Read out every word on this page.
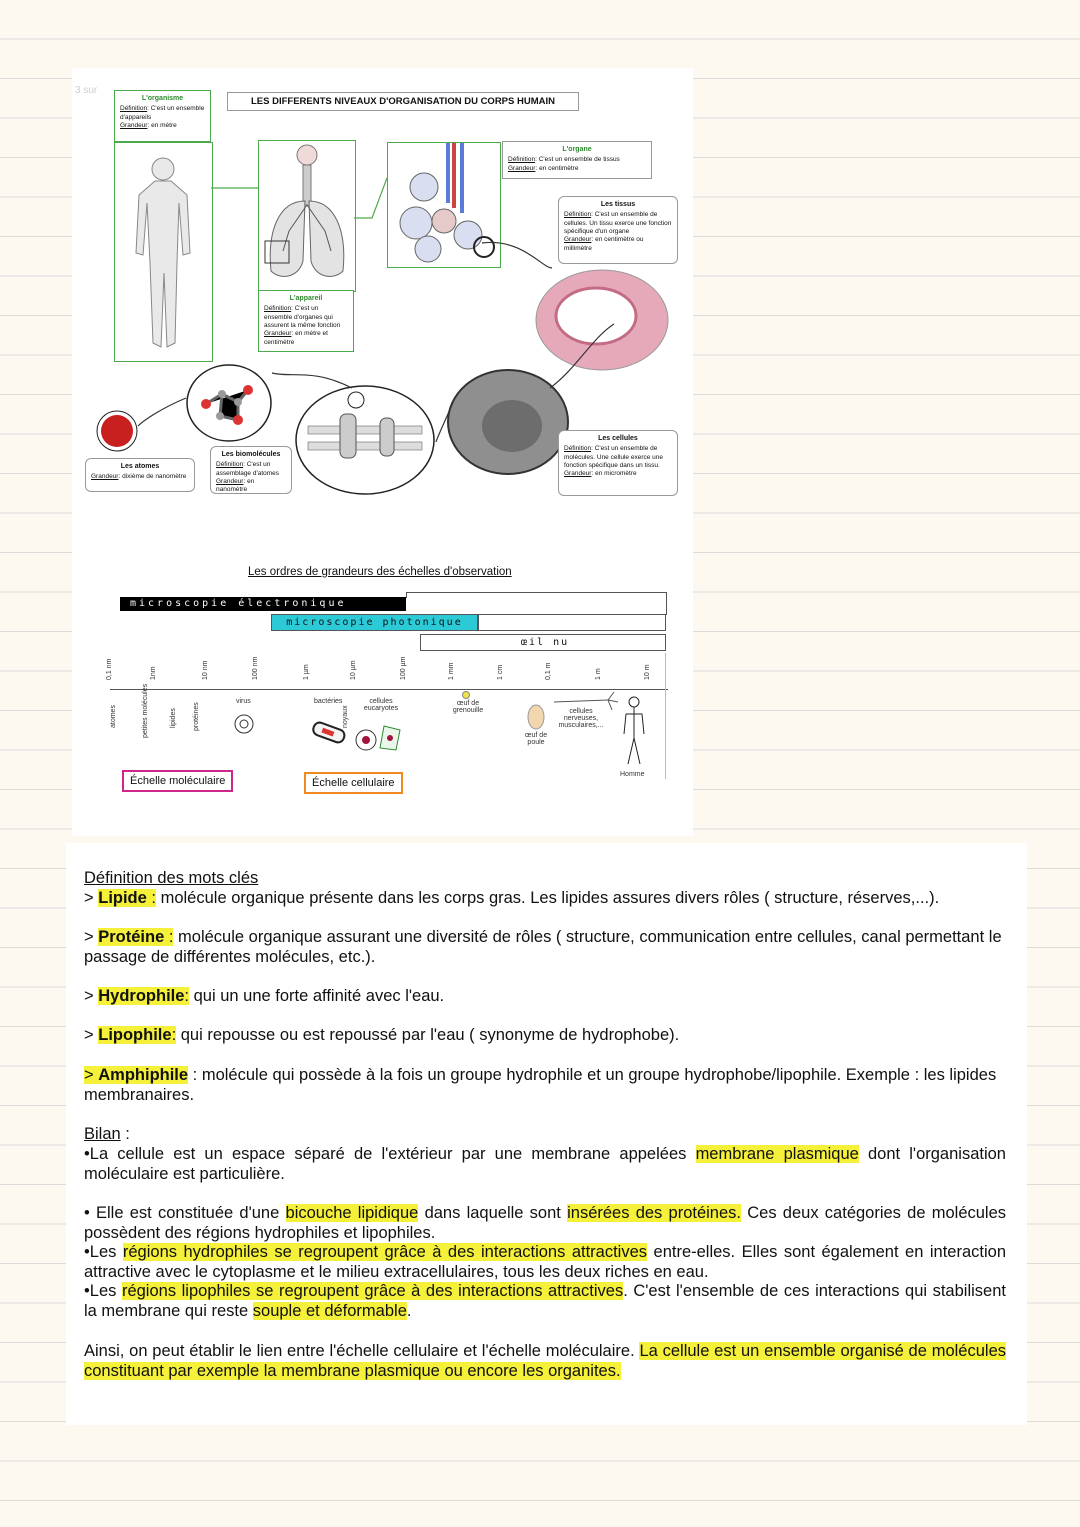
3 sur
LES DIFFERENTS NIVEAUX D'ORGANISATION DU CORPS HUMAIN
L'organisme
Définition: C'est un ensemble d'appareils
Grandeur: en mètre
L'appareil
Définition: C'est un ensemble d'organes qui assurent la même fonction
Grandeur: en mètre et centimètre
L'organe
Définition: C'est un ensemble de tissus
Grandeur: en centimètre
Les tissus
Définition: C'est un ensemble de cellules. Un tissu exerce une fonction spécifique d'un organe
Grandeur: en centimètre ou millimètre
Les cellules
Définition: C'est un ensemble de molécules. Une cellule exerce une fonction spécifique dans un tissu.
Grandeur: en micromètre
Les biomolécules
Définition: C'est un assemblage d'atomes
Grandeur: en nanomètre
Les atomes
Grandeur: dixième de nanomètre
Les ordres de grandeurs des échelles d'observation
microscopie électronique
microscopie photonique
œil nu
0,1 nm	1nm	10 nm	100 nm	1 µm	10 µm	100 µm	1 mm	1 cm	0,1 m	1 m	10 m
atomes	petites molécules	lipides protéines
virus	bactéries
noyaux
cellules eucaryotes
œuf de grenouille
œuf de poule
cellules nerveuses, musculaires,...
Homme
Échelle moléculaire	Échelle cellulaire

Définition des mots clés

> Lipide : molécule organique présente dans les corps gras. Les lipides assures divers rôles ( structure, réserves,...).

> Protéine : molécule organique assurant une diversité de rôles ( structure, communication entre cellules, canal permettant le passage de différentes molécules, etc.).

> Hydrophile: qui un une forte affinité avec l'eau.

> Lipophile: qui repousse ou est repoussé par l'eau ( synonyme de hydrophobe).

> Amphiphile : molécule qui possède à la fois un groupe hydrophile et un groupe hydrophobe/lipophile. Exemple : les lipides membranaires.

Bilan :

•La cellule est un espace séparé de l'extérieur par une membrane appelées membrane plasmique dont l'organisation moléculaire est particulière.

• Elle est constituée d'une bicouche lipidique dans laquelle sont insérées des protéines. Ces deux catégories de molécules possèdent des régions hydrophiles et lipophiles.

•Les régions hydrophiles se regroupent grâce à des interactions attractives entre-elles. Elles sont également en interaction attractive avec le cytoplasme et le milieu extracellulaires, tous les deux riches en eau.

•Les régions lipophiles se regroupent grâce à des interactions attractives. C'est l'ensemble de ces interactions qui stabilisent la membrane qui reste souple et déformable.

Ainsi, on peut établir le lien entre l'échelle cellulaire et l'échelle moléculaire. La cellule est un ensemble organisé de molécules constituant par exemple la membrane plasmique ou encore les organites.
